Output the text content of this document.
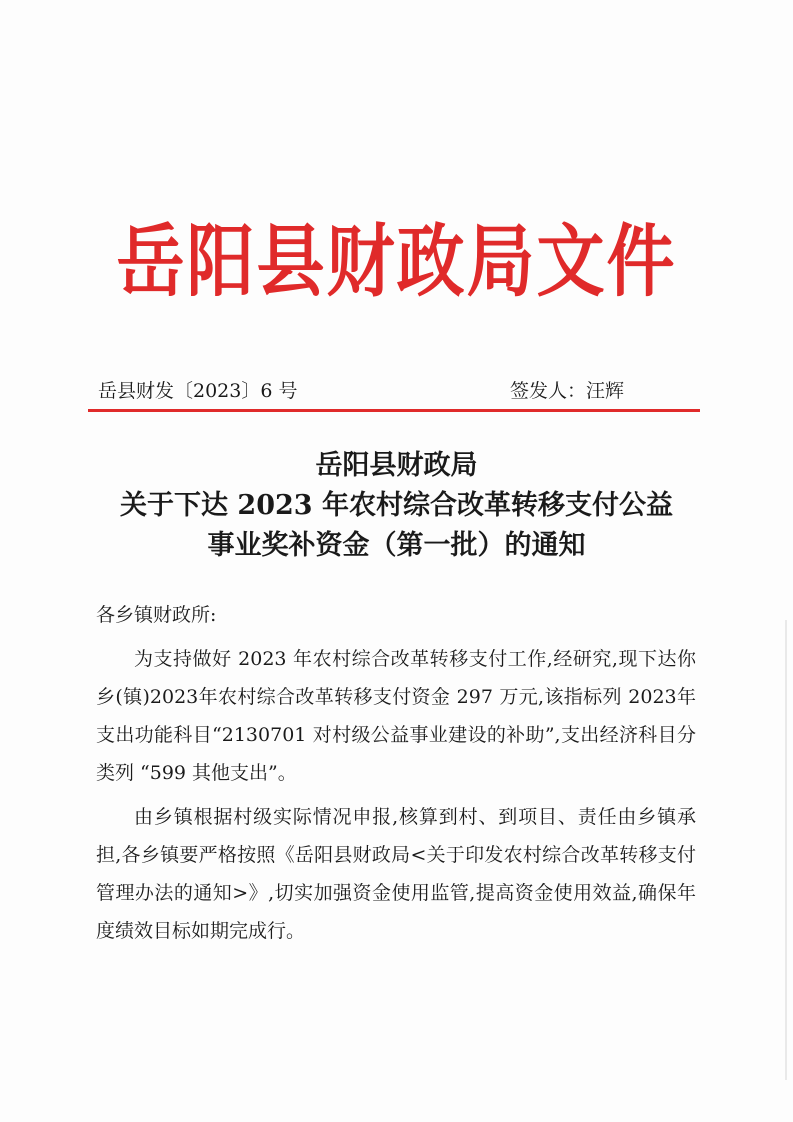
岳阳县财政局文件
岳县财发〔2023〕6 号	签发人：汪辉
岳阳县财政局
关于下达 2023 年农村综合改革转移支付公益
事业奖补资金（第一批）的通知
各乡镇财政所:

为支持做好 2023 年农村综合改革转移支付工作,经研究,现下达你乡(镇)2023年农村综合改革转移支付资金 297 万元,该指标列 2023年支出功能科目“2130701 对村级公益事业建设的补助”,支出经济科目分类列 “599 其他支出”。

由乡镇根据村级实际情况申报,核算到村、到项目、责任由乡镇承担,各乡镇要严格按照《岳阳县财政局<关于印发农村综合改革转移支付管理办法的通知>》,切实加强资金使用监管,提高资金使用效益,确保年度绩效目标如期完成行。
